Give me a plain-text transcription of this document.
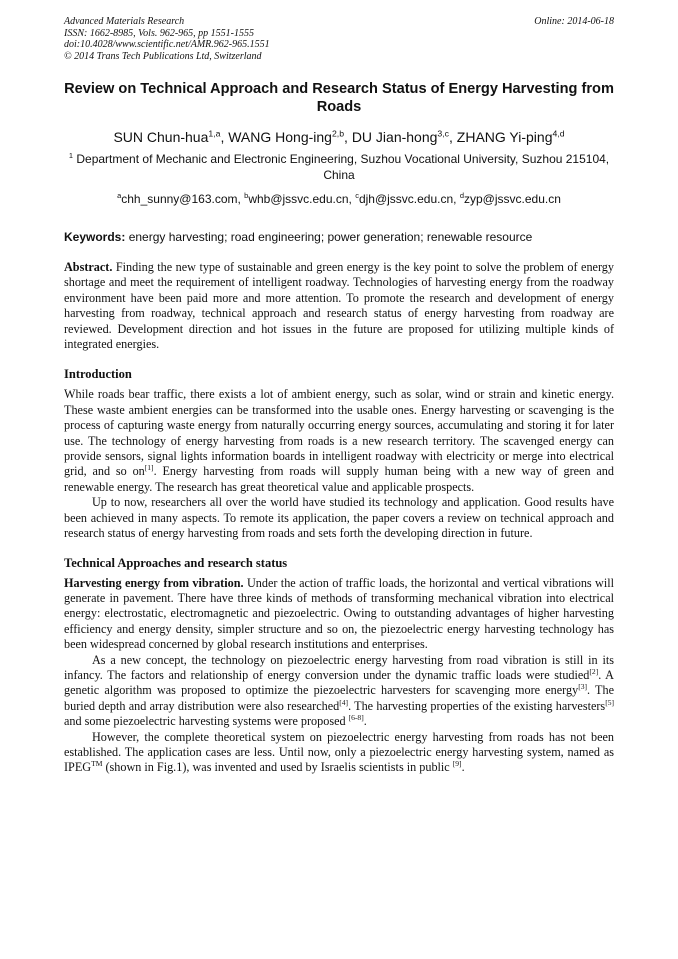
Advanced Materials Research
ISSN: 1662-8985, Vols. 962-965, pp 1551-1555
doi:10.4028/www.scientific.net/AMR.962-965.1551
© 2014 Trans Tech Publications Ltd, Switzerland
Online: 2014-06-18
Review on Technical Approach and Research Status of Energy Harvesting from Roads
SUN Chun-hua$^{1,a}$, WANG Hong-ing$^{2,b}$, DU Jian-hong$^{3,c}$, ZHANG Yi-ping$^{4,d}$
$^1$ Department of Mechanic and Electronic Engineering, Suzhou Vocational University, Suzhou 215104, China
$^a$chh_sunny@163.com, $^b$whb@jssvc.edu.cn, $^c$djh@jssvc.edu.cn, $^d$zyp@jssvc.edu.cn
Keywords: energy harvesting; road engineering; power generation; renewable resource

Abstract. Finding the new type of sustainable and green energy is the key point to solve the problem of energy shortage and meet the requirement of intelligent roadway. Technologies of harvesting energy from the roadway environment have been paid more and more attention. To promote the research and development of energy harvesting from roadway, technical approach and research status of energy harvesting from roadway are reviewed. Development direction and hot issues in the future are proposed for utilizing multiple kinds of integrated energies.

Introduction

While roads bear traffic, there exists a lot of ambient energy, such as solar, wind or strain and kinetic energy. These waste ambient energies can be transformed into the usable ones. Energy harvesting or scavenging is the process of capturing waste energy from naturally occurring energy sources, accumulating and storing it for later use. The technology of energy harvesting from roads is a new research territory. The scavenged energy can provide sensors, signal lights information boards in intelligent roadway with electricity or merge into electrical grid, and so on[1]. Energy harvesting from roads will supply human being with a new way of green and renewable energy. The research has great theoretical value and applicable prospects.

Up to now, researchers all over the world have studied its technology and application. Good results have been achieved in many aspects. To remote its application, the paper covers a review on technical approach and research status of energy harvesting from roads and sets forth the developing direction in future.

Technical Approaches and research status

Harvesting energy from vibration. Under the action of traffic loads, the horizontal and vertical vibrations will generate in pavement. There have three kinds of methods of transforming mechanical vibration into electrical energy: electrostatic, electromagnetic and piezoelectric. Owing to outstanding advantages of higher harvesting efficiency and energy density, simpler structure and so on, the piezoelectric energy harvesting technology has been widespread concerned by global research institutions and enterprises.

As a new concept, the technology on piezoelectric energy harvesting from road vibration is still in its infancy. The factors and relationship of energy conversion under the dynamic traffic loads were studied[2]. A genetic algorithm was proposed to optimize the piezoelectric harvesters for scavenging more energy[3]. The buried depth and array distribution were also researched[4]. The harvesting properties of the existing harvesters[5] and some piezoelectric harvesting systems were proposed [6-8].

However, the complete theoretical system on piezoelectric energy harvesting from roads has not been established. The application cases are less. Until now, only a piezoelectric energy harvesting system, named as IPEG™ (shown in Fig.1), was invented and used by Israelis scientists in public [9].
